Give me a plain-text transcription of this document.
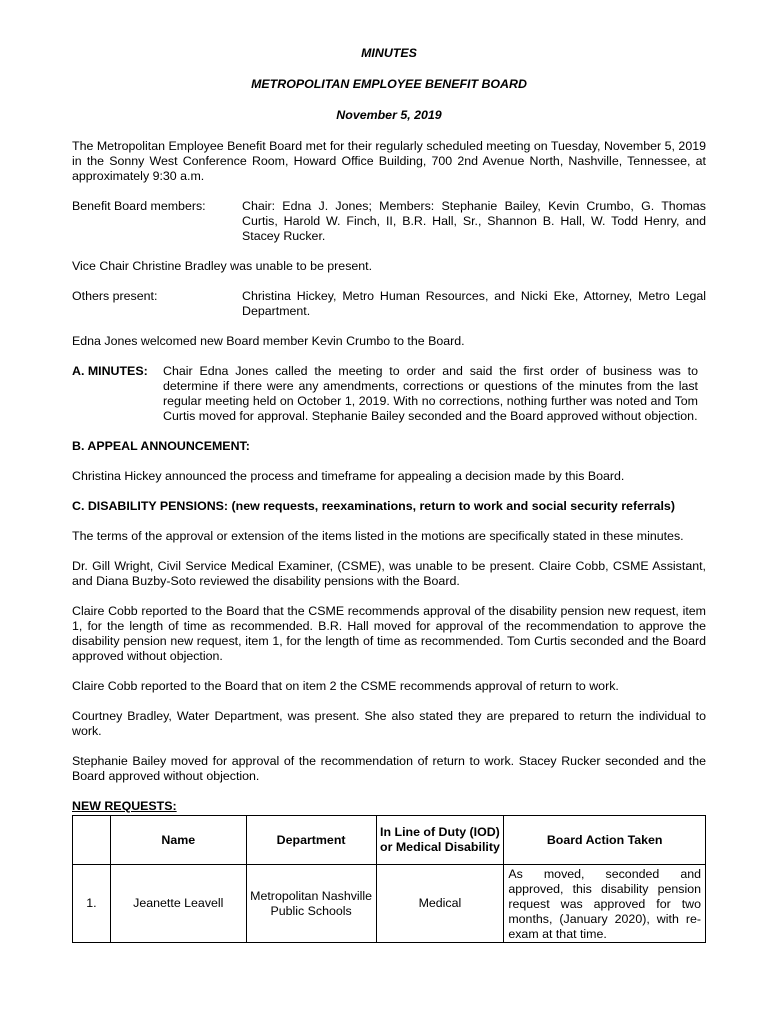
MINUTES
METROPOLITAN EMPLOYEE BENEFIT BOARD
November 5, 2019

The Metropolitan Employee Benefit Board met for their regularly scheduled meeting on Tuesday, November 5, 2019 in the Sonny West Conference Room, Howard Office Building, 700 2nd Avenue North, Nashville, Tennessee, at approximately 9:30 a.m.

Benefit Board members:	Chair: Edna J. Jones; Members: Stephanie Bailey, Kevin Crumbo, G. Thomas Curtis, Harold W. Finch, II, B.R. Hall, Sr., Shannon B. Hall, W. Todd Henry, and Stacey Rucker.

Vice Chair Christine Bradley was unable to be present.

Others present:	Christina Hickey, Metro Human Resources, and Nicki Eke, Attorney, Metro Legal Department.

Edna Jones welcomed new Board member Kevin Crumbo to the Board.

A. MINUTES:	Chair Edna Jones called the meeting to order and said the first order of business was to determine if there were any amendments, corrections or questions of the minutes from the last regular meeting held on October 1, 2019. With no corrections, nothing further was noted and Tom Curtis moved for approval. Stephanie Bailey seconded and the Board approved without objection.
B. APPEAL ANNOUNCEMENT:

Christina Hickey announced the process and timeframe for appealing a decision made by this Board.

C. DISABILITY PENSIONS: (new requests, reexaminations, return to work and social security referrals)

The terms of the approval or extension of the items listed in the motions are specifically stated in these minutes.

Dr. Gill Wright, Civil Service Medical Examiner, (CSME), was unable to be present. Claire Cobb, CSME Assistant, and Diana Buzby-Soto reviewed the disability pensions with the Board.

Claire Cobb reported to the Board that the CSME recommends approval of the disability pension new request, item 1, for the length of time as recommended. B.R. Hall moved for approval of the recommendation to approve the disability pension new request, item 1, for the length of time as recommended. Tom Curtis seconded and the Board approved without objection.

Claire Cobb reported to the Board that on item 2 the CSME recommends approval of return to work.

Courtney Bradley, Water Department, was present. She also stated they are prepared to return the individual to work.

Stephanie Bailey moved for approval of the recommendation of return to work. Stacey Rucker seconded and the Board approved without objection.

NEW REQUESTS:
	Name	Department	In Line of Duty (IOD) or Medical Disability	Board Action Taken
1.	Jeanette Leavell	Metropolitan Nashville Public Schools	Medical	As moved, seconded and approved, this disability pension request was approved for two months, (January 2020), with re-exam at that time.
